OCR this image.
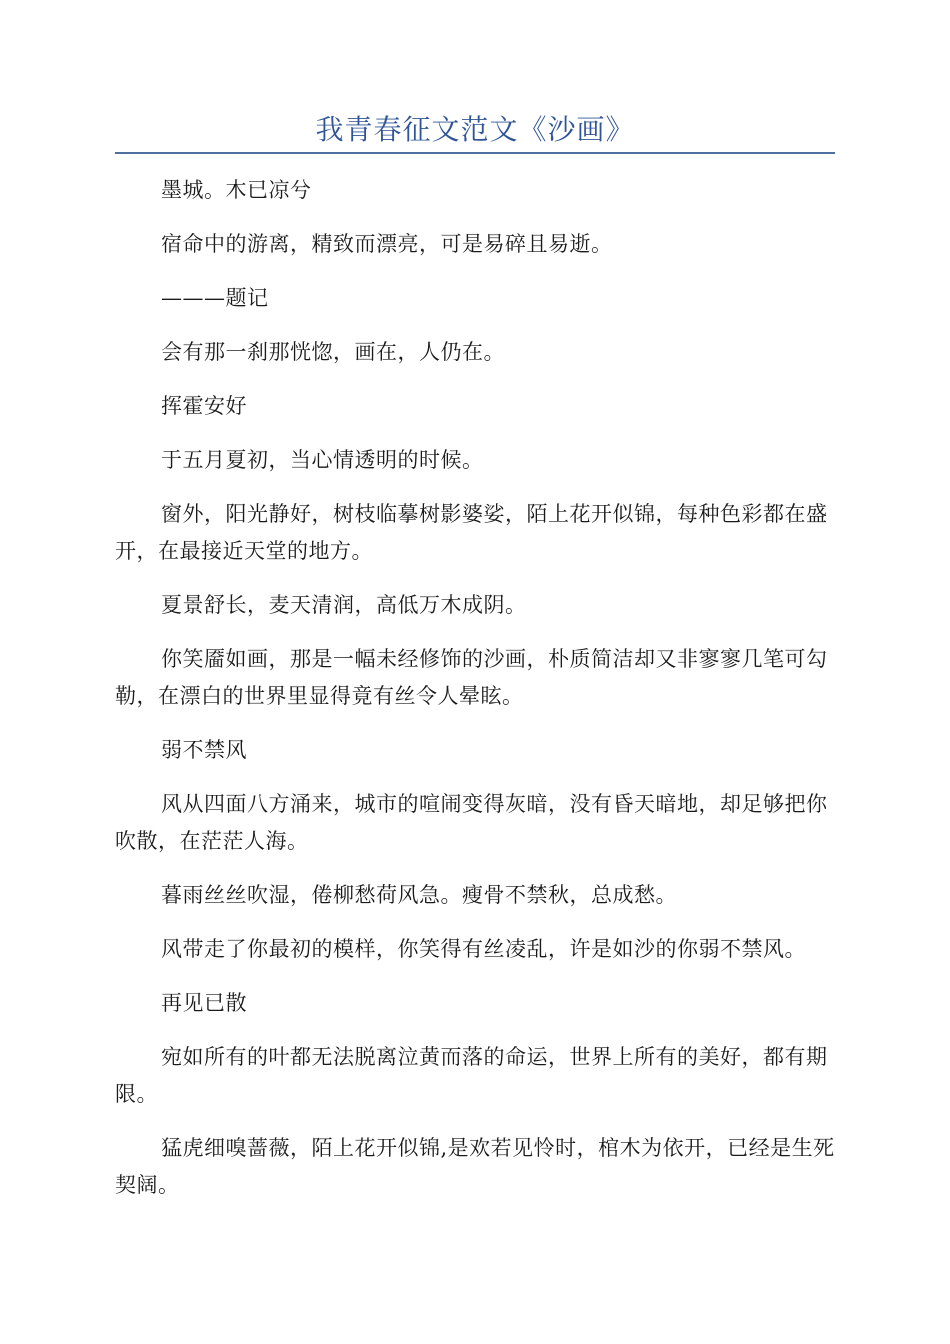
我青春征文范文《沙画》

墨城。木已凉兮

宿命中的游离，精致而漂亮，可是易碎且易逝。

———题记

会有那一刹那恍惚，画在，人仍在。

挥霍安好

于五月夏初，当心情透明的时候。

窗外，阳光静好，树枝临摹树影婆娑，陌上花开似锦，每种色彩都在盛开，在最接近天堂的地方。

夏景舒长，麦天清润，高低万木成阴。

你笑靥如画，那是一幅未经修饰的沙画，朴质简洁却又非寥寥几笔可勾勒，在漂白的世界里显得竟有丝令人晕眩。

弱不禁风

风从四面八方涌来，城市的喧闹变得灰暗，没有昏天暗地，却足够把你吹散，在茫茫人海。

暮雨丝丝吹湿，倦柳愁荷风急。瘦骨不禁秋，总成愁。

风带走了你最初的模样，你笑得有丝凌乱，许是如沙的你弱不禁风。

再见已散

宛如所有的叶都无法脱离泣黄而落的命运，世界上所有的美好，都有期限。

猛虎细嗅蔷薇，陌上花开似锦,是欢若见怜时，棺木为依开，已经是生死契阔。
